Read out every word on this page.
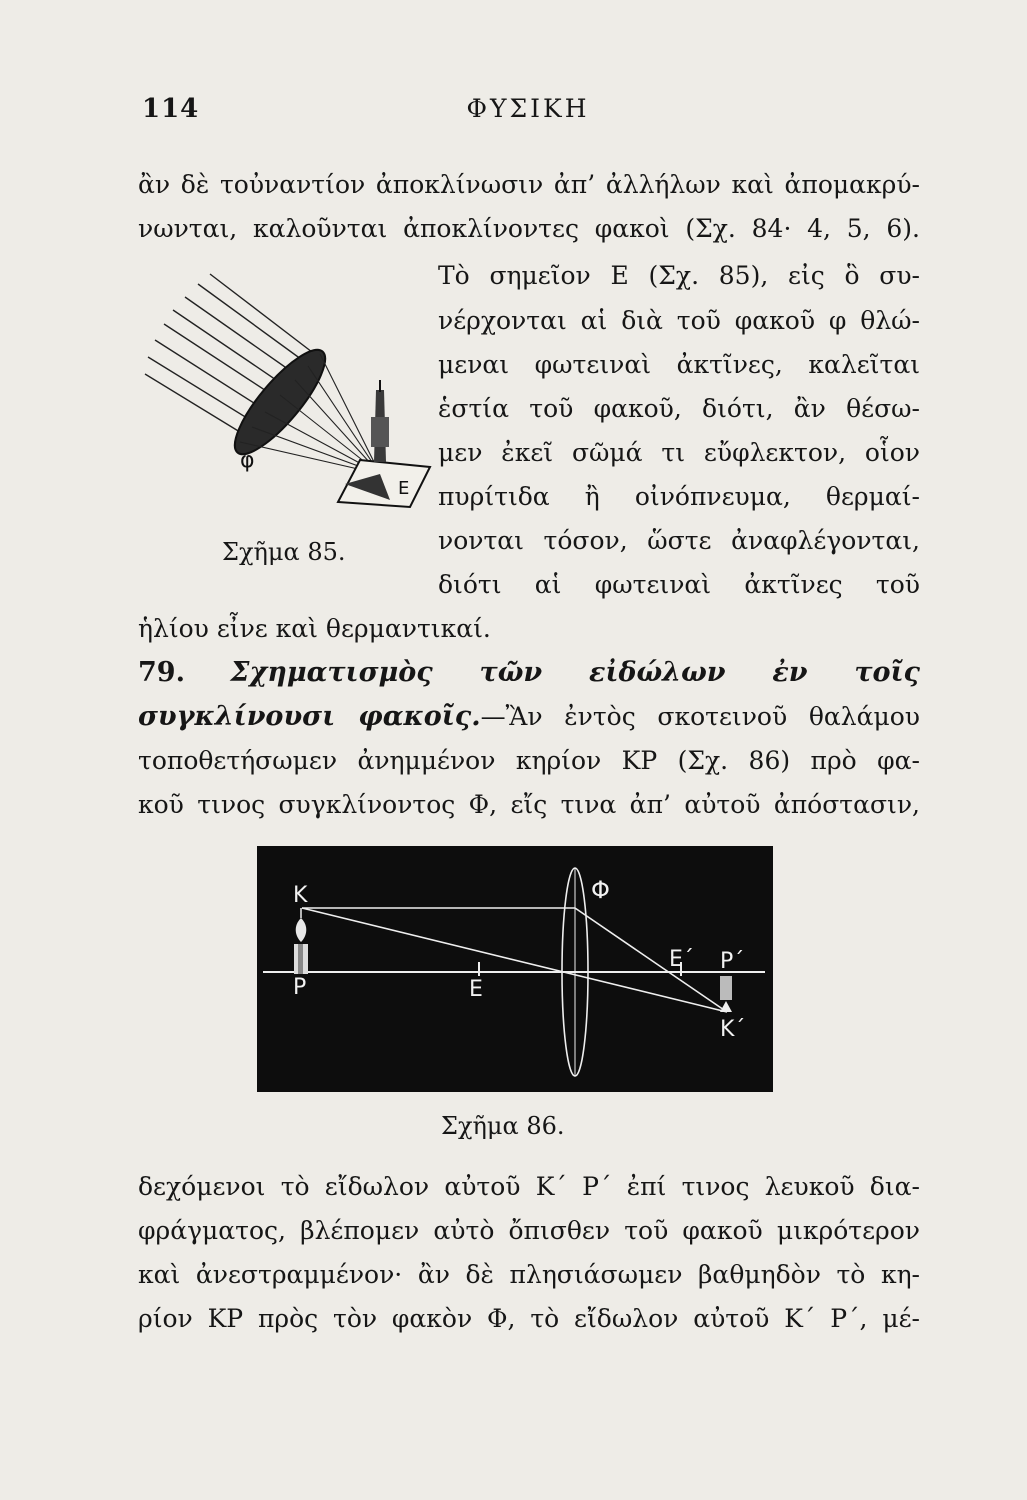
114	ΦΥΣΙΚΗ
ἂν δὲ τοὐναντίον ἀποκλίνωσιν ἀπ’ ἀλλήλων καὶ ἀπομακρύ-
νωνται, καλοῦνται ἀποκλίνοντες φακοὶ (Σχ. 84· 4, 5, 6).
Τὸ σημεῖον Ε (Σχ. 85), εἰς ὃ συ-
νέρχονται αἱ διὰ τοῦ φακοῦ φ θλώ-
μεναι φωτειναὶ ἀκτῖνες, καλεῖται
ἑστία τοῦ φακοῦ, διότι, ἂν θέσω-
μεν ἐκεῖ σῶμά τι εὔφλεκτον, οἷον
πυρίτιδα ἢ οἰνόπνευμα, θερμαί-
νονται τόσον, ὥστε ἀναφλέγονται,
διότι αἱ φωτειναὶ ἀκτῖνες τοῦ
ἡλίου εἶνε καὶ θερμαντικαί.
φ
Ε
Σχῆμα 85.
79. Σχηματισμὸς τῶν εἰδώλων ἐν τοῖς
συγκλίνουσι φακοῖς.—Ἂν ἐντὸς σκοτεινοῦ θαλάμου
τοποθετήσωμεν ἀνημμένον κηρίον ΚΡ (Σχ. 86) πρὸ φα-
κοῦ τινος συγκλίνοντος Φ, εἴς τινα ἀπ’ αὐτοῦ ἀπόστασιν,
K
P	E
Φ
E΄ P΄
K΄
Σχῆμα 86.
δεχόμενοι τὸ εἴδωλον αὐτοῦ Κ΄ Ρ΄ ἐπί τινος λευκοῦ δια-
φράγματος, βλέπομεν αὐτὸ ὄπισθεν τοῦ φακοῦ μικρότερον
καὶ ἀνεστραμμένον· ἂν δὲ πλησιάσωμεν βαθμηδὸν τὸ κη-
ρίον ΚΡ πρὸς τὸν φακὸν Φ, τὸ εἴδωλον αὐτοῦ Κ΄ Ρ΄, μέ-
